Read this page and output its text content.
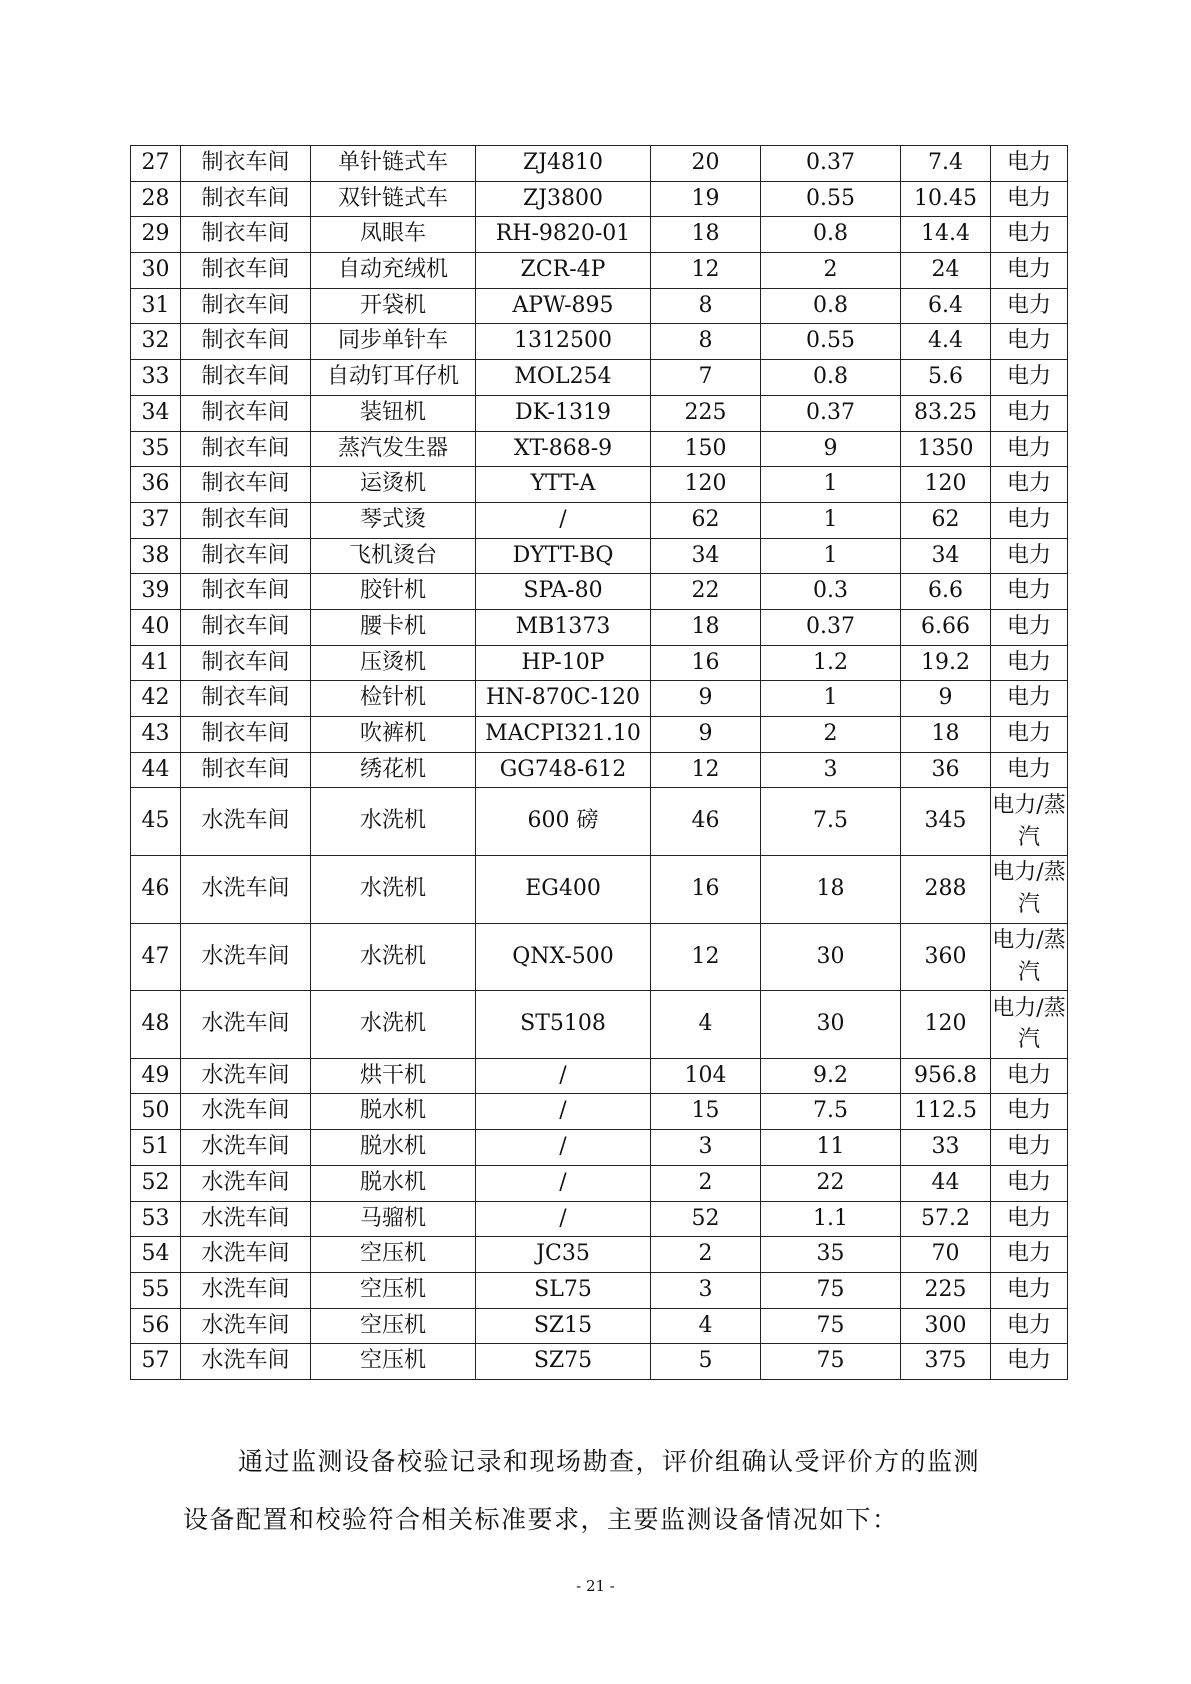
27	制衣车间	单针链式车	ZJ4810	20	0.37	7.4	电力
28	制衣车间	双针链式车	ZJ3800	19	0.55	10.45	电力
29	制衣车间	凤眼车	RH-9820-01	18	0.8	14.4	电力
30	制衣车间	自动充绒机	ZCR-4P	12	2	24	电力
31	制衣车间	开袋机	APW-895	8	0.8	6.4	电力
32	制衣车间	同步单针车	1312500	8	0.55	4.4	电力
33	制衣车间	自动钉耳仔机	MOL254	7	0.8	5.6	电力
34	制衣车间	装钮机	DK-1319	225	0.37	83.25	电力
35	制衣车间	蒸汽发生器	XT-868-9	150	9	1350	电力
36	制衣车间	运烫机	YTT-A	120	1	120	电力
37	制衣车间	琴式烫	/	62	1	62	电力
38	制衣车间	飞机烫台	DYTT-BQ	34	1	34	电力
39	制衣车间	胶针机	SPA-80	22	0.3	6.6	电力
40	制衣车间	腰卡机	MB1373	18	0.37	6.66	电力
41	制衣车间	压烫机	HP-10P	16	1.2	19.2	电力
42	制衣车间	检针机	HN-870C-120	9	1	9	电力
43	制衣车间	吹裤机	MACPI321.10	9	2	18	电力
44	制衣车间	绣花机	GG748-612	12	3	36	电力
45	水洗车间	水洗机	600 磅	46	7.5	345	电力/蒸汽
46	水洗车间	水洗机	EG400	16	18	288	电力/蒸汽
47	水洗车间	水洗机	QNX-500	12	30	360	电力/蒸汽
48	水洗车间	水洗机	ST5108	4	30	120	电力/蒸汽
49	水洗车间	烘干机	/	104	9.2	956.8	电力
50	水洗车间	脱水机	/	15	7.5	112.5	电力
51	水洗车间	脱水机	/	3	11	33	电力
52	水洗车间	脱水机	/	2	22	44	电力
53	水洗车间	马骝机	/	52	1.1	57.2	电力
54	水洗车间	空压机	JC35	2	35	70	电力
55	水洗车间	空压机	SL75	3	75	225	电力
56	水洗车间	空压机	SZ15	4	75	300	电力
57	水洗车间	空压机	SZ75	5	75	375	电力
通过监测设备校验记录和现场勘查，评价组确认受评价方的监测
设备配置和校验符合相关标准要求，主要监测设备情况如下：
- 21 -
